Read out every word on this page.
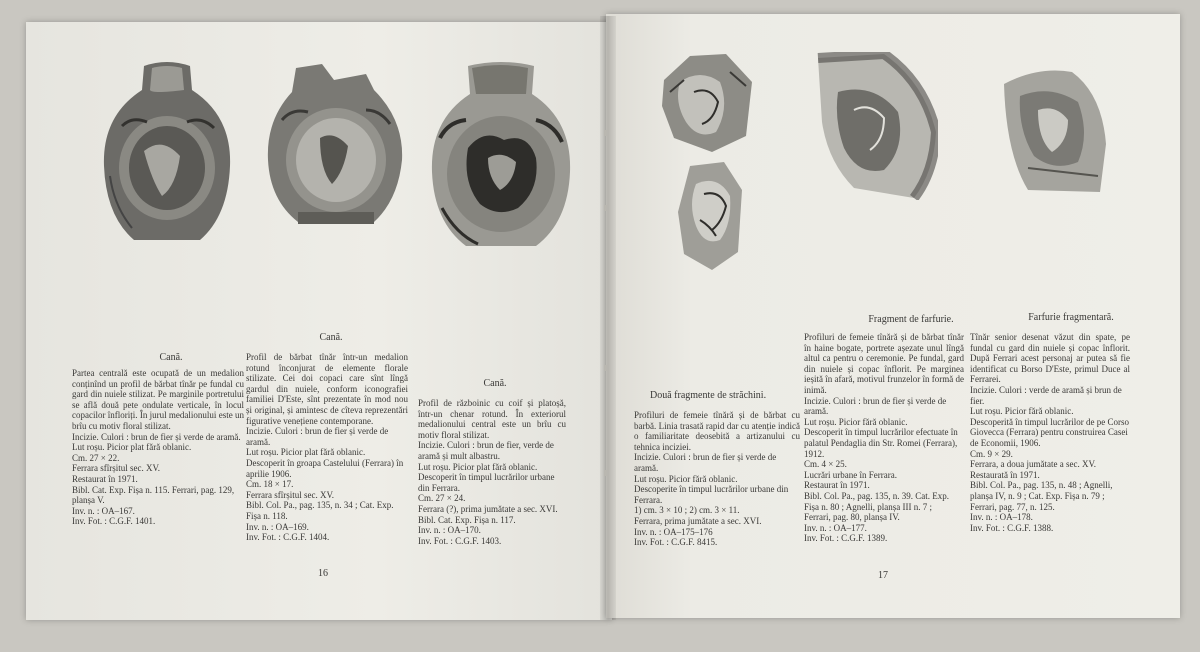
Cană.

Partea centrală este ocupată de un medalion conținînd un profil de bărbat tînăr pe fundal cu gard din nuiele stilizat. Pe marginile portretului se află două pete ondulate verticale, în locul copacilor înfloriți. În jurul medalionului este un brîu cu motiv floral stilizat.

Incizie. Culori : brun de fier și verde de aramă.

Lut roșu. Picior plat fără oblanic.

Cm. 27 × 22.

Ferrara sfîrșitul sec. XV.

Restaurat în 1971.

Bibl. Cat. Exp. Fișa n. 115. Ferrari, pag. 129, planșa V.

Inv. n. : OA–167.

Inv. Fot. : C.G.F. 1401.

Cană.

Profil de bărbat tînăr într-un medalion rotund înconjurat de elemente florale stilizate. Cei doi copaci care sînt lîngă gardul din nuiele, conform iconografiei familiei D'Este, sînt prezentate în mod nou și original, și amintesc de cîteva reprezentări figurative venețiene contemporane.

Incizie. Culori : brun de fier și verde de aramă.

Lut roșu. Picior plat fără oblanic.

Descoperit în groapa Castelului (Ferrara) în aprilie 1906.

Cm. 18 × 17.

Ferrara sfîrșitul sec. XV.

Bibl. Col. Pa., pag. 135, n. 34 ; Cat. Exp. Fișa n. 118.

Inv. n. : OA–169.

Inv. Fot. : C.G.F. 1404.

Cană.

Profil de războinic cu coif și platoșă, într-un chenar rotund. În exteriorul medalionului central este un brîu cu motiv floral stilizat.

Incizie. Culori : brun de fier, verde de aramă și mult albastru.

Lut roșu. Picior plat fără oblanic.

Descoperit în timpul lucrărilor urbane din Ferrara.

Cm. 27 × 24.

Ferrara (?), prima jumătate a sec. XVI.

Bibl. Cat. Exp. Fișa n. 117.

Inv. n. : OA–170.

Inv. Fot. : C.G.F. 1403.

16
Două fragmente de străchini.

Profiluri de femeie tînără și de bărbat cu barbă. Linia trasată rapid dar cu atenție indică o familiaritate deosebită a artizanului cu tehnica inciziei.

Incizie. Culori : brun de fier și verde de aramă.

Lut roșu. Picior fără oblanic.

Descoperite în timpul lucrărilor urbane din Ferrara.

1) cm. 3 × 10 ; 2) cm. 3 × 11.

Ferrara, prima jumătate a sec. XVI.

Inv. n. : OA–175–176

Inv. Fot. : C.G.F. 8415.

Fragment de farfurie.

Profiluri de femeie tînără și de bărbat tînăr în haine bogate, portrete așezate unul lîngă altul ca pentru o ceremonie. Pe fundal, gard din nuiele și copac înflorit. Pe marginea ieșită în afară, motivul frunzelor în formă de inimă.

Incizie. Culori : brun de fier și verde de aramă.

Lut roșu. Picior fără oblanic.

Descoperit în timpul lucrărilor efectuate în palatul Pendaglia din Str. Romei (Ferrara), 1912.

Cm. 4 × 25.

Lucrări urbane în Ferrara.

Restaurat în 1971.

Bibl. Col. Pa., pag. 135, n. 39. Cat. Exp. Fișa n. 80 ; Agnelli, planșa III n. 7 ;

Ferrari, pag. 80, planșa IV.

Inv. n. : OA–177.

Inv. Fot. : C.G.F. 1389.

Farfurie fragmentară.

Tînăr senior desenat văzut din spate, pe fundal cu gard din nuiele și copac înflorit. După Ferrari acest personaj ar putea să fie identificat cu Borso D'Este, primul Duce al Ferrarei.

Incizie. Culori : verde de aramă și brun de fier.

Lut roșu. Picior fără oblanic.

Descoperită în timpul lucrărilor de pe Corso Giovecca (Ferrara) pentru construirea Casei de Economii, 1906.

Cm. 9 × 29.

Ferrara, a doua jumătate a sec. XV.

Restaurată în 1971.

Bibl. Col. Pa., pag. 135, n. 48 ; Agnelli, planșa IV, n. 9 ; Cat. Exp. Fișa n. 79 ;

Ferrari, pag. 77, n. 125.

Inv. n. : OA–178.

Inv. Fot. : C.G.F. 1388.

17
